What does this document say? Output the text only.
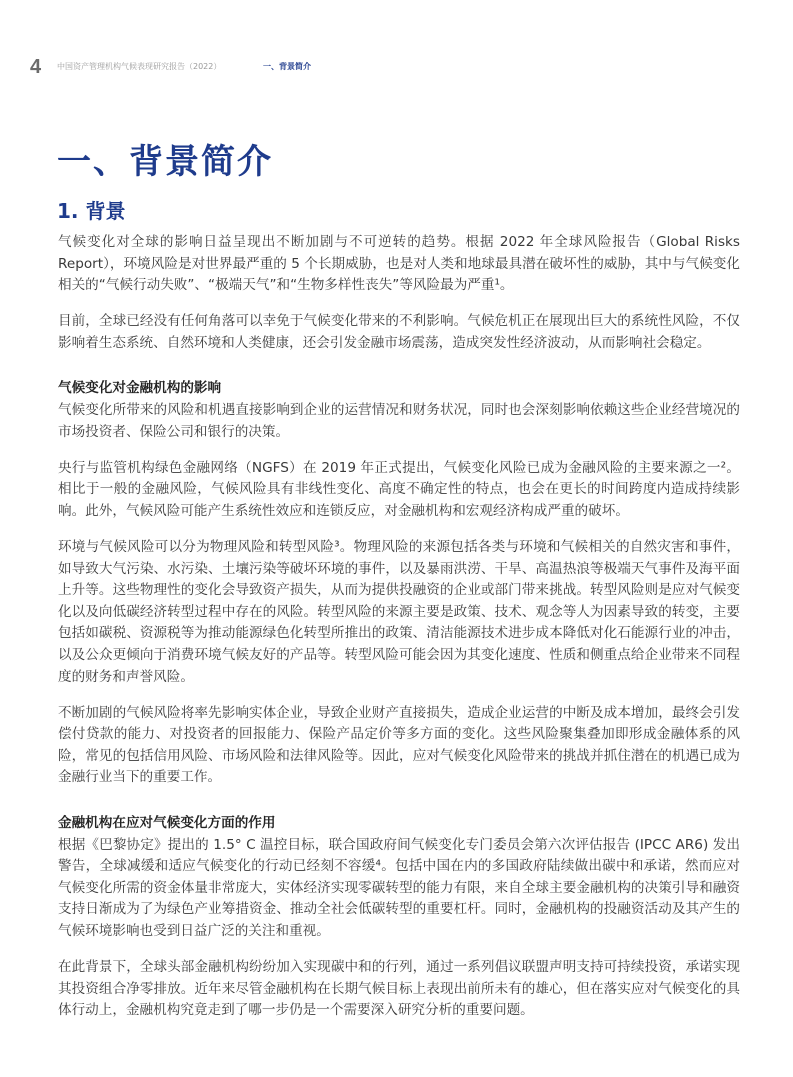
4 中国资产管理机构气候表现研究报告（2022）	一、背景简介
一、背景简介
1. 背景

气候变化对全球的影响日益呈现出不断加剧与不可逆转的趋势。根据 2022 年全球风险报告（Global Risks Report），环境风险是对世界最严重的 5 个长期威胁，也是对人类和地球最具潜在破坏性的威胁，其中与气候变化相关的“气候行动失败”、“极端天气”和“生物多样性丧失”等风险最为严重¹。

目前，全球已经没有任何角落可以幸免于气候变化带来的不利影响。气候危机正在展现出巨大的系统性风险，不仅影响着生态系统、自然环境和人类健康，还会引发金融市场震荡，造成突发性经济波动，从而影响社会稳定。

气候变化对金融机构的影响

气候变化所带来的风险和机遇直接影响到企业的运营情况和财务状况，同时也会深刻影响依赖这些企业经营境况的市场投资者、保险公司和银行的决策。

央行与监管机构绿色金融网络（NGFS）在 2019 年正式提出，气候变化风险已成为金融风险的主要来源之一²。相比于一般的金融风险，气候风险具有非线性变化、高度不确定性的特点，也会在更长的时间跨度内造成持续影响。此外，气候风险可能产生系统性效应和连锁反应，对金融机构和宏观经济构成严重的破坏。

环境与气候风险可以分为物理风险和转型风险³。物理风险的来源包括各类与环境和气候相关的自然灾害和事件，如导致大气污染、水污染、土壤污染等破坏环境的事件，以及暴雨洪涝、干旱、高温热浪等极端天气事件及海平面上升等。这些物理性的变化会导致资产损失，从而为提供投融资的企业或部门带来挑战。转型风险则是应对气候变化以及向低碳经济转型过程中存在的风险。转型风险的来源主要是政策、技术、观念等人为因素导致的转变，主要包括如碳税、资源税等为推动能源绿色化转型所推出的政策、清洁能源技术进步成本降低对化石能源行业的冲击，以及公众更倾向于消费环境气候友好的产品等。转型风险可能会因为其变化速度、性质和侧重点给企业带来不同程度的财务和声誉风险。

不断加剧的气候风险将率先影响实体企业，导致企业财产直接损失，造成企业运营的中断及成本增加，最终会引发偿付贷款的能力、对投资者的回报能力、保险产品定价等多方面的变化。这些风险聚集叠加即形成金融体系的风险，常见的包括信用风险、市场风险和法律风险等。因此，应对气候变化风险带来的挑战并抓住潜在的机遇已成为金融行业当下的重要工作。

金融机构在应对气候变化方面的作用

根据《巴黎协定》提出的 1.5° C 温控目标，联合国政府间气候变化专门委员会第六次评估报告 (IPCC AR6) 发出警告，全球减缓和适应气候变化的行动已经刻不容缓⁴。包括中国在内的多国政府陆续做出碳中和承诺，然而应对气候变化所需的资金体量非常庞大，实体经济实现零碳转型的能力有限，来自全球主要金融机构的决策引导和融资支持日渐成为了为绿色产业筹措资金、推动全社会低碳转型的重要杠杆。同时，金融机构的投融资活动及其产生的气候环境影响也受到日益广泛的关注和重视。

在此背景下，全球头部金融机构纷纷加入实现碳中和的行列，通过一系列倡议联盟声明支持可持续投资，承诺实现其投资组合净零排放。近年来尽管金融机构在长期气候目标上表现出前所未有的雄心，但在落实应对气候变化的具体行动上，金融机构究竟走到了哪一步仍是一个需要深入研究分析的重要问题。
